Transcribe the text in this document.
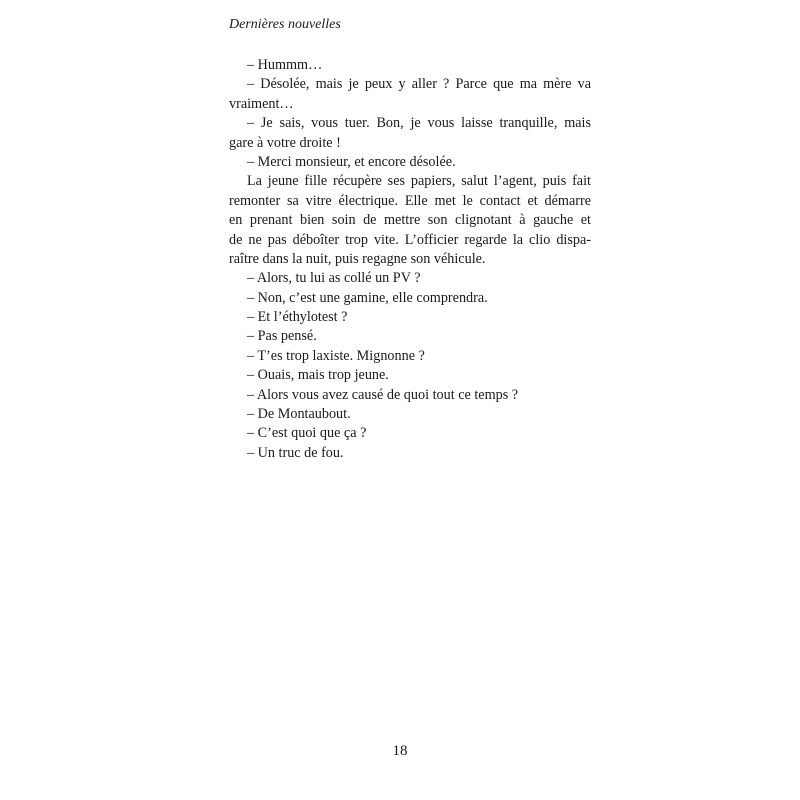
Dernières nouvelles
– Hummm…
– Désolée, mais je peux y aller ? Parce que ma mère va
vraiment…
– Je sais, vous tuer. Bon, je vous laisse tranquille, mais
gare à votre droite !
– Merci monsieur, et encore désolée.
La jeune fille récupère ses papiers, salut l’agent, puis fait
remonter sa vitre électrique. Elle met le contact et démarre
en prenant bien soin de mettre son clignotant à gauche et
de ne pas déboîter trop vite. L’officier regarde la clio dispa-
raître dans la nuit, puis regagne son véhicule.
– Alors, tu lui as collé un PV ?
– Non, c’est une gamine, elle comprendra.
– Et l’éthylotest ?
– Pas pensé.
– T’es trop laxiste. Mignonne ?
– Ouais, mais trop jeune.
– Alors vous avez causé de quoi tout ce temps ?
– De Montaubout.
– C’est quoi que ça ?
– Un truc de fou.
18
